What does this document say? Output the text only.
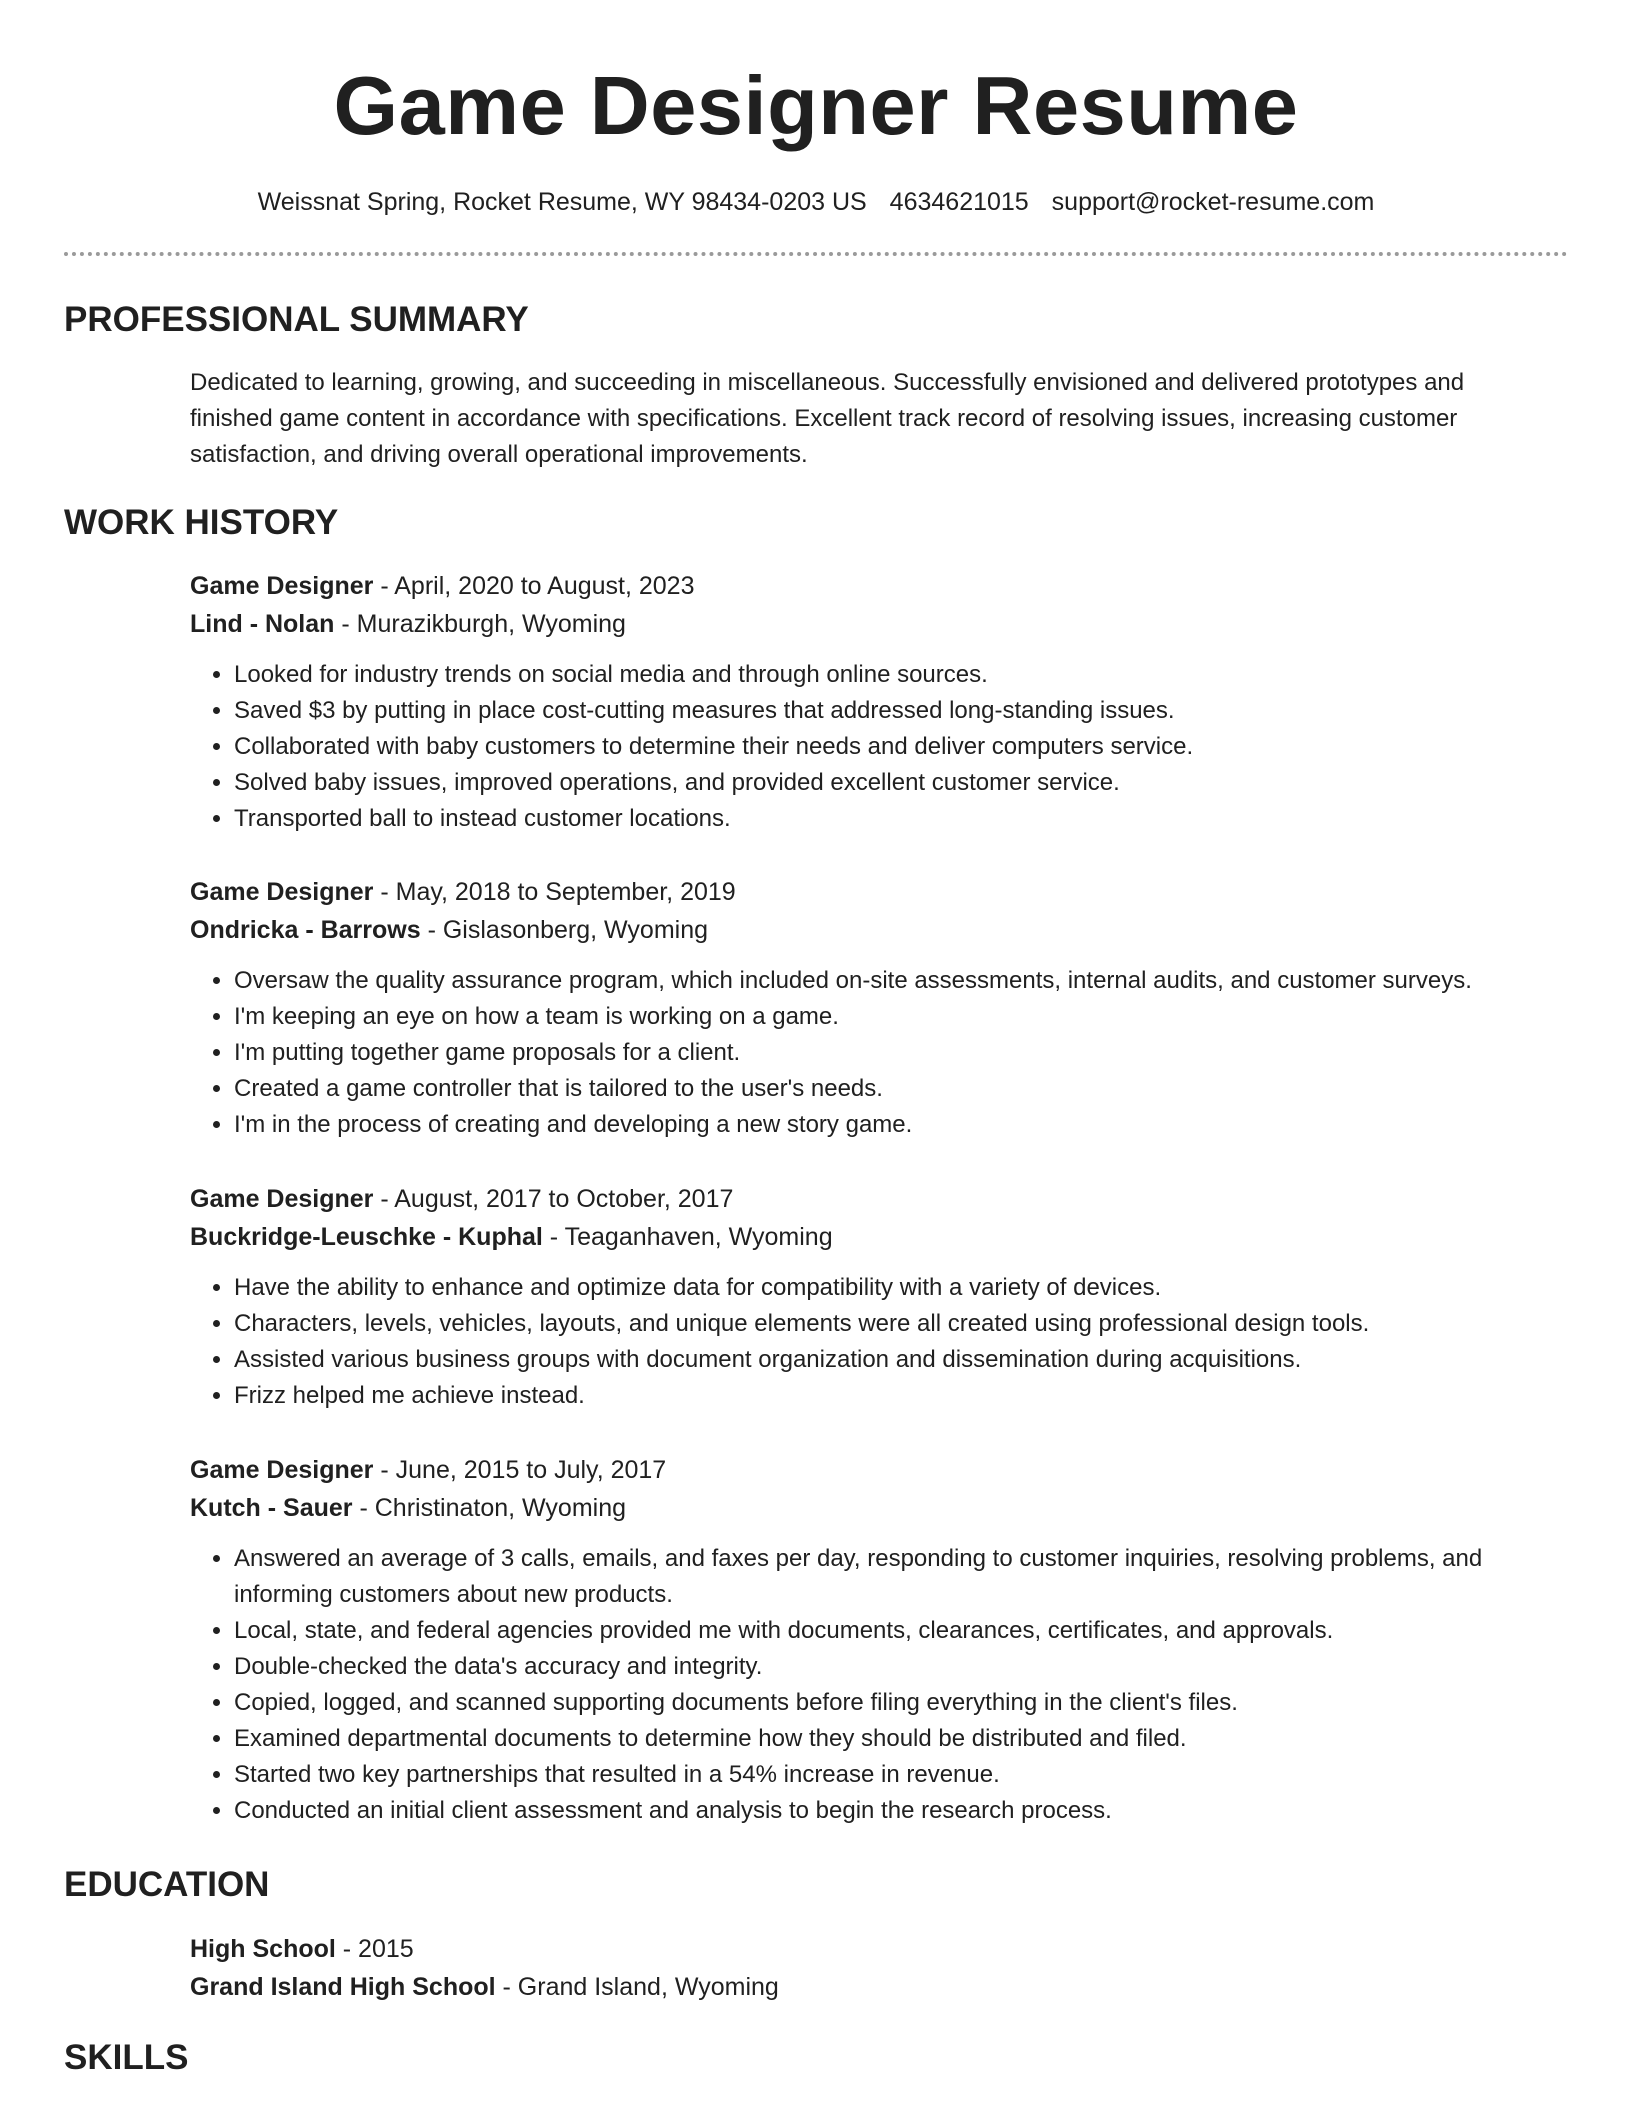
Game Designer Resume
Weissnat Spring, Rocket Resume, WY 98434-0203 US 4634621015 support@rocket-resume.com
PROFESSIONAL SUMMARY

Dedicated to learning, growing, and succeeding in miscellaneous. Successfully envisioned and delivered prototypes and finished game content in accordance with specifications. Excellent track record of resolving issues, increasing customer satisfaction, and driving overall operational improvements.

WORK HISTORY
Game Designer - April, 2020 to August, 2023
Lind - Nolan - Murazikburgh, Wyoming
• Looked for industry trends on social media and through online sources.
• Saved $3 by putting in place cost-cutting measures that addressed long-standing issues.
• Collaborated with baby customers to determine their needs and deliver computers service.
• Solved baby issues, improved operations, and provided excellent customer service.
• Transported ball to instead customer locations.
Game Designer - May, 2018 to September, 2019
Ondricka - Barrows - Gislasonberg, Wyoming
• Oversaw the quality assurance program, which included on-site assessments, internal audits, and customer surveys.
• I'm keeping an eye on how a team is working on a game.
• I'm putting together game proposals for a client.
• Created a game controller that is tailored to the user's needs.
• I'm in the process of creating and developing a new story game.
Game Designer - August, 2017 to October, 2017
Buckridge-Leuschke - Kuphal - Teaganhaven, Wyoming
• Have the ability to enhance and optimize data for compatibility with a variety of devices.
• Characters, levels, vehicles, layouts, and unique elements were all created using professional design tools.
• Assisted various business groups with document organization and dissemination during acquisitions.
• Frizz helped me achieve instead.
Game Designer - June, 2015 to July, 2017
Kutch - Sauer - Christinaton, Wyoming
• Answered an average of 3 calls, emails, and faxes per day, responding to customer inquiries, resolving problems, and informing customers about new products.
• Local, state, and federal agencies provided me with documents, clearances, certificates, and approvals.
• Double-checked the data's accuracy and integrity.
• Copied, logged, and scanned supporting documents before filing everything in the client's files.
• Examined departmental documents to determine how they should be distributed and filed.
• Started two key partnerships that resulted in a 54% increase in revenue.
• Conducted an initial client assessment and analysis to begin the research process.
EDUCATION
High School - 2015
Grand Island High School - Grand Island, Wyoming
SKILLS
